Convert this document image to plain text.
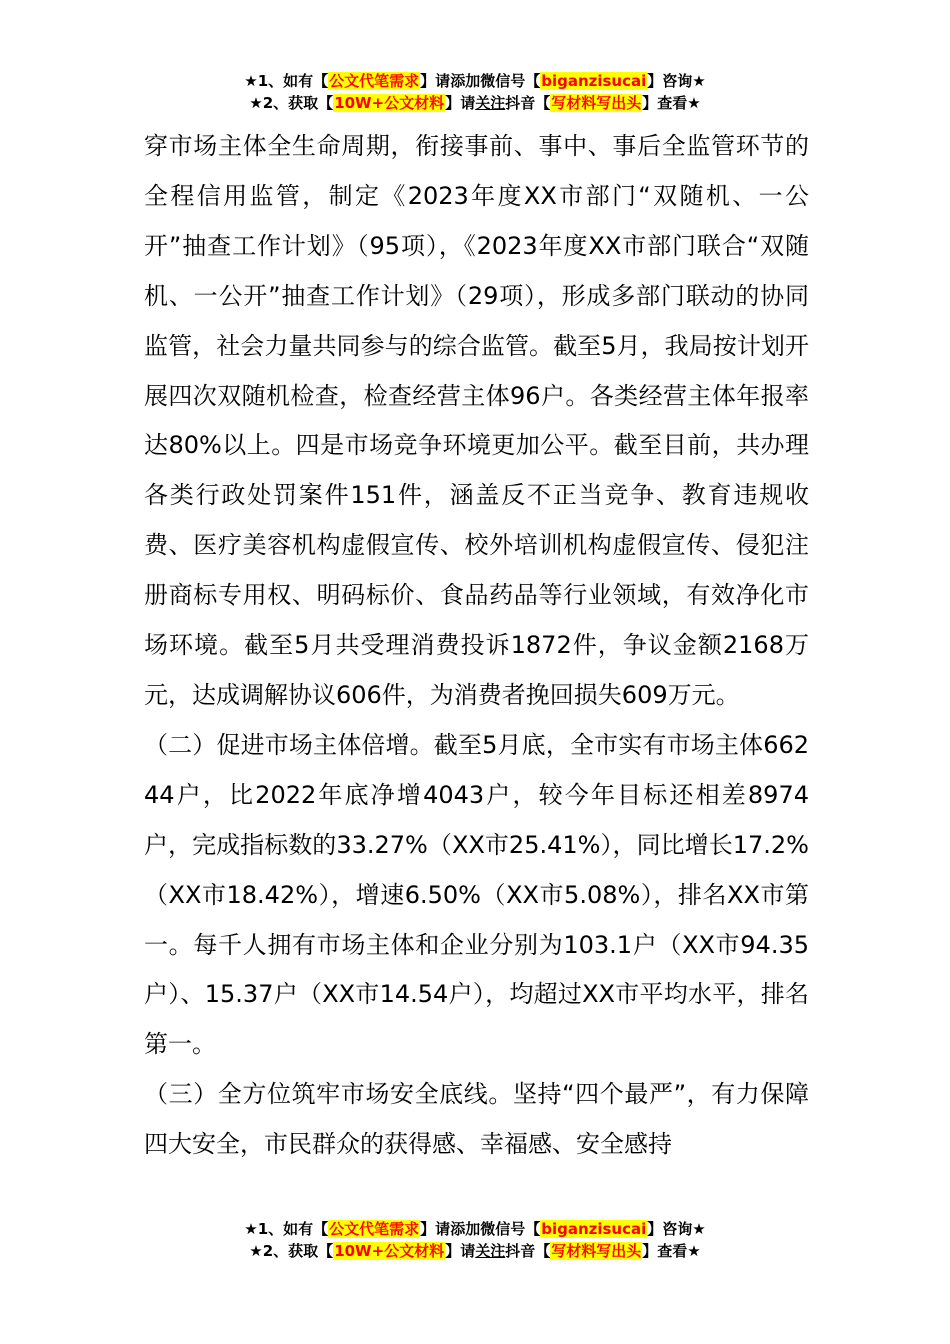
★1、如有【公文代笔需求】请添加微信号【biganzisucai】咨询★
★2、获取【10W+公文材料】请关注抖音【写材料写出头】查看★

穿市场主体全生命周期，衔接事前、事中、事后全监管环节的全程信用监管，制定《2023年度XX市部门“双随机、一公开”抽查工作计划》（95项），《2023年度XX市部门联合“双随机、一公开”抽查工作计划》（29项），形成多部门联动的协同监管，社会力量共同参与的综合监管。截至5月，我局按计划开展四次双随机检查，检查经营主体96户。各类经营主体年报率达80%以上。四是市场竞争环境更加公平。截至目前，共办理各类行政处罚案件151件，涵盖反不正当竞争、教育违规收费、医疗美容机构虚假宣传、校外培训机构虚假宣传、侵犯注册商标专用权、明码标价、食品药品等行业领域，有效净化市场环境。截至5月共受理消费投诉1872件，争议金额2168万元，达成调解协议606件，为消费者挽回损失609万元。

（二）促进市场主体倍增。截至5月底，全市实有市场主体66244户，比2022年底净增4043户，较今年目标还相差8974户，完成指标数的33.27%（XX市25.41%），同比增长17.2%（XX市18.42%），增速6.50%（XX市5.08%），排名XX市第一。每千人拥有市场主体和企业分别为103.1户（XX市94.35户）、15.37户（XX市14.54户），均超过XX市平均水平，排名第一。

（三）全方位筑牢市场安全底线。坚持“四个最严”，有力保障四大安全，市民群众的获得感、幸福感、安全感持

★1、如有【公文代笔需求】请添加微信号【biganzisucai】咨询★
★2、获取【10W+公文材料】请关注抖音【写材料写出头】查看★
